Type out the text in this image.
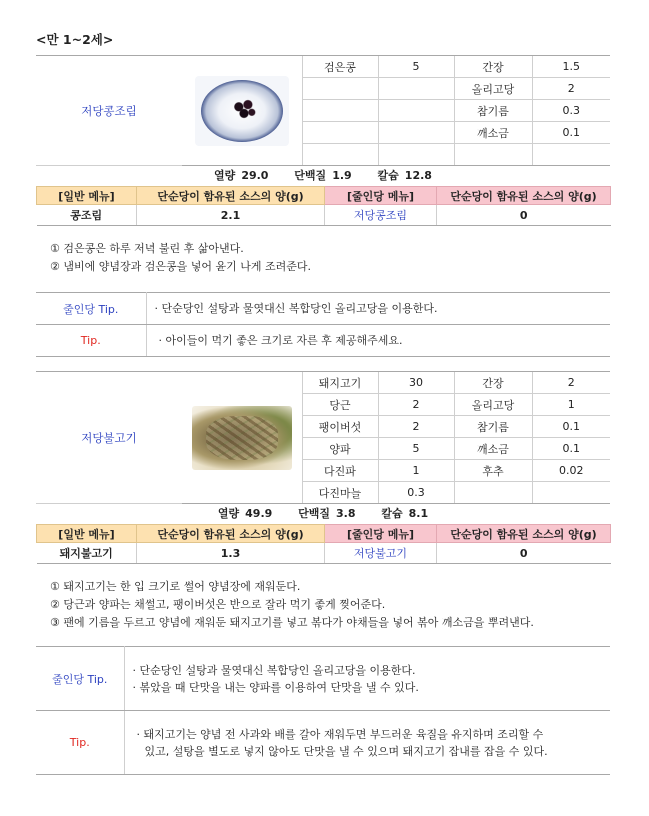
<만 1~2세>
저당콩조림		검은콩	5	간장	1.5
				올리고당	2
				참기름	0.3
				깨소금	0.1

열량 29.0 단백질 1.9 칼슘 12.8
[일반 메뉴]	단순당이 함유된 소스의 양(g)	[줄인당 메뉴]	단순당이 함유된 소스의 양(g)
콩조림	2.1	저당콩조림	0
① 검은콩은 하루 저녁 불린 후 삶아낸다.
② 냄비에 양념장과 검은콩을 넣어 윤기 나게 조려준다.
줄인당 Tip.	· 단순당인 설탕과 물엿대신 복합당인 올리고당을 이용한다.
Tip.	· 아이들이 먹기 좋은 크기로 자른 후 제공해주세요.
저당불고기		돼지고기	30	간장	2
		당근	2	올리고당	1
		팽이버섯	2	참기름	0.1
		양파	5	깨소금	0.1
		다진파	1	후추	0.02
		다진마늘	0.3		
열량 49.9 단백질 3.8 칼슘 8.1
[일반 메뉴]	단순당이 함유된 소스의 양(g)	[줄인당 메뉴]	단순당이 함유된 소스의 양(g)
돼지불고기	1.3	저당불고기	0
① 돼지고기는 한 입 크기로 썰어 양념장에 재워둔다.
② 당근과 양파는 채썰고, 팽이버섯은 반으로 잘라 먹기 좋게 찢어준다.
③ 팬에 기름을 두르고 양념에 재워둔 돼지고기를 넣고 볶다가 야채들을 넣어 볶아 깨소금을 뿌려낸다.
줄인당 Tip.	· 단순당인 설탕과 물엿대신 복합당인 올리고당을 이용한다.
· 볶았을 때 단맛을 내는 양파를 이용하여 단맛을 낼 수 있다.

Tip.	· 돼지고기는 양념 전 사과와 배를 갈아 재워두면 부드러운 육질을 유지하며 조리할 수
있고, 설탕을 별도로 넣지 않아도 단맛을 낼 수 있으며 돼지고기 잡내를 잡을 수 있다.
